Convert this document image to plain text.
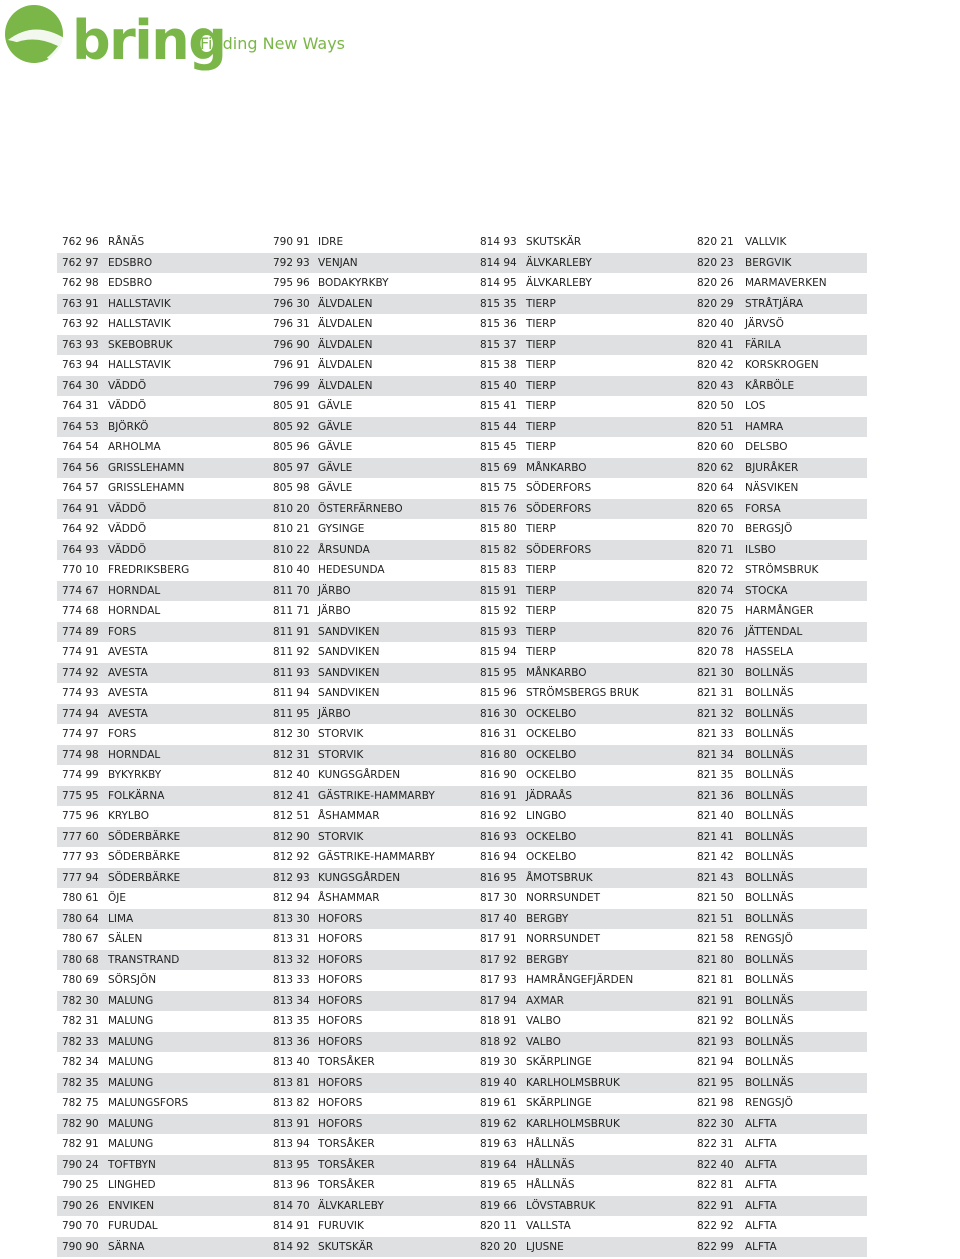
bring
Finding New Ways
762 96 RÅNÄS	790 91 IDRE	814 93 SKUTSKÄR	820 21 VALLVIK
762 97 EDSBRO	792 93 VENJAN	814 94 ÄLVKARLEBY	820 23 BERGVIK
762 98 EDSBRO	795 96 BODAKYRKBY	814 95 ÄLVKARLEBY	820 26 MARMAVERKEN
763 91 HALLSTAVIK	796 30 ÄLVDALEN	815 35 TIERP	820 29 STRÅTJÄRA
763 92 HALLSTAVIK	796 31 ÄLVDALEN	815 36 TIERP	820 40 JÄRVSÖ
763 93 SKEBOBRUK	796 90 ÄLVDALEN	815 37 TIERP	820 41 FÄRILA
763 94 HALLSTAVIK	796 91 ÄLVDALEN	815 38 TIERP	820 42 KORSKROGEN
764 30 VÄDDÖ	796 99 ÄLVDALEN	815 40 TIERP	820 43 KÅRBÖLE
764 31 VÄDDÖ	805 91 GÄVLE	815 41 TIERP	820 50 LOS
764 53 BJÖRKÖ	805 92 GÄVLE	815 44 TIERP	820 51 HAMRA
764 54 ARHOLMA	805 96 GÄVLE	815 45 TIERP	820 60 DELSBO
764 56 GRISSLEHAMN	805 97 GÄVLE	815 69 MÅNKARBO	820 62 BJURÅKER
764 57 GRISSLEHAMN	805 98 GÄVLE	815 75 SÖDERFORS	820 64 NÄSVIKEN
764 91 VÄDDÖ	810 20 ÖSTERFÄRNEBO	815 76 SÖDERFORS	820 65 FORSA
764 92 VÄDDÖ	810 21 GYSINGE	815 80 TIERP	820 70 BERGSJÖ
764 93 VÄDDÖ	810 22 ÅRSUNDA	815 82 SÖDERFORS	820 71 ILSBO
770 10 FREDRIKSBERG	810 40 HEDESUNDA	815 83 TIERP	820 72 STRÖMSBRUK
774 67 HORNDAL	811 70 JÄRBO	815 91 TIERP	820 74 STOCKA
774 68 HORNDAL	811 71 JÄRBO	815 92 TIERP	820 75 HARMÅNGER
774 89 FORS	811 91 SANDVIKEN	815 93 TIERP	820 76 JÄTTENDAL
774 91 AVESTA	811 92 SANDVIKEN	815 94 TIERP	820 78 HASSELA
774 92 AVESTA	811 93 SANDVIKEN	815 95 MÅNKARBO	821 30 BOLLNÄS
774 93 AVESTA	811 94 SANDVIKEN	815 96 STRÖMSBERGS BRUK	821 31 BOLLNÄS
774 94 AVESTA	811 95 JÄRBO	816 30 OCKELBO	821 32 BOLLNÄS
774 97 FORS	812 30 STORVIK	816 31 OCKELBO	821 33 BOLLNÄS
774 98 HORNDAL	812 31 STORVIK	816 80 OCKELBO	821 34 BOLLNÄS
774 99 BYKYRKBY	812 40 KUNGSGÅRDEN	816 90 OCKELBO	821 35 BOLLNÄS
775 95 FOLKÄRNA	812 41 GÄSTRIKE-HAMMARBY	816 91 JÄDRAÅS	821 36 BOLLNÄS
775 96 KRYLBO	812 51 ÅSHAMMAR	816 92 LINGBO	821 40 BOLLNÄS
777 60 SÖDERBÄRKE	812 90 STORVIK	816 93 OCKELBO	821 41 BOLLNÄS
777 93 SÖDERBÄRKE	812 92 GÄSTRIKE-HAMMARBY	816 94 OCKELBO	821 42 BOLLNÄS
777 94 SÖDERBÄRKE	812 93 KUNGSGÅRDEN	816 95 ÅMOTSBRUK	821 43 BOLLNÄS
780 61 ÖJE	812 94 ÅSHAMMAR	817 30 NORRSUNDET	821 50 BOLLNÄS
780 64 LIMA	813 30 HOFORS	817 40 BERGBY	821 51 BOLLNÄS
780 67 SÄLEN	813 31 HOFORS	817 91 NORRSUNDET	821 58 RENGSJÖ
780 68 TRANSTRAND	813 32 HOFORS	817 92 BERGBY	821 80 BOLLNÄS
780 69 SÖRSJÖN	813 33 HOFORS	817 93 HAMRÅNGEFJÄRDEN	821 81 BOLLNÄS
782 30 MALUNG	813 34 HOFORS	817 94 AXMAR	821 91 BOLLNÄS
782 31 MALUNG	813 35 HOFORS	818 91 VALBO	821 92 BOLLNÄS
782 33 MALUNG	813 36 HOFORS	818 92 VALBO	821 93 BOLLNÄS
782 34 MALUNG	813 40 TORSÅKER	819 30 SKÄRPLINGE	821 94 BOLLNÄS
782 35 MALUNG	813 81 HOFORS	819 40 KARLHOLMSBRUK	821 95 BOLLNÄS
782 75 MALUNGSFORS	813 82 HOFORS	819 61 SKÄRPLINGE	821 98 RENGSJÖ
782 90 MALUNG	813 91 HOFORS	819 62 KARLHOLMSBRUK	822 30 ALFTA
782 91 MALUNG	813 94 TORSÅKER	819 63 HÅLLNÄS	822 31 ALFTA
790 24 TOFTBYN	813 95 TORSÅKER	819 64 HÅLLNÄS	822 40 ALFTA
790 25 LINGHED	813 96 TORSÅKER	819 65 HÅLLNÄS	822 81 ALFTA
790 26 ENVIKEN	814 70 ÄLVKARLEBY	819 66 LÖVSTABRUK	822 91 ALFTA
790 70 FURUDAL	814 91 FURUVIK	820 11 VALLSTA	822 92 ALFTA
790 90 SÄRNA	814 92 SKUTSKÄR	820 20 LJUSNE	822 99 ALFTA
